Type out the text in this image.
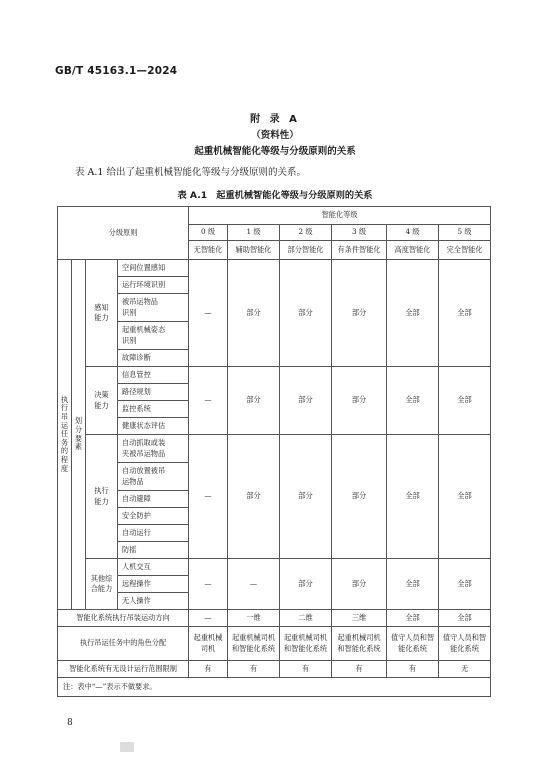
GB/T 45163.1—2024
附 录 A
（资料性）
起重机械智能化等级与分级原则的关系
表 A.1 给出了起重机械智能化等级与分级原则的关系。
表 A.1　起重机械智能化等级与分级原则的关系
分级原则				智能化等级					
				0 级	1 级	2 级	3 级	4 级	5 级
				无智能化	辅助智能化	部分智能化	有条件智能化	高度智能化	完全智能化

执行吊运任务的程度	划分要素	感知能力	空间位置感知	—	部分	部分	部分	全部	全部
			运行环境识别						

			被吊运物品识别						

			起重机械姿态识别						

			故障诊断						

		决策能力	信息管控	—	部分	部分	部分	全部	全部
			路径规划						
			监控系统						
			健康状态评估						

		执行能力	自动抓取或装夹被吊运物品	—	部分	部分	部分	全部	全部

			自动放置被吊运物品						

			自动避障						
			安全防护						
			自动运行						
			防摇						

		其他综合能力	人机交互	—	—	部分	部分	全部	全部
			远程操作						
			无人操作						
智能化系统执行吊装运动方向				—	一维	二维	三维	全部	全部
执行吊运任务中的角色分配				起重机械司机	起重机械司机和智能化系统	起重机械司机和智能化系统	起重机械司机和智能化系统	值守人员和智能化系统	值守人员和智能化系统

智能化系统有无设计运行范围限制				有	有	有	有	有	无
注：表中“—”表示不做要求。									
8
